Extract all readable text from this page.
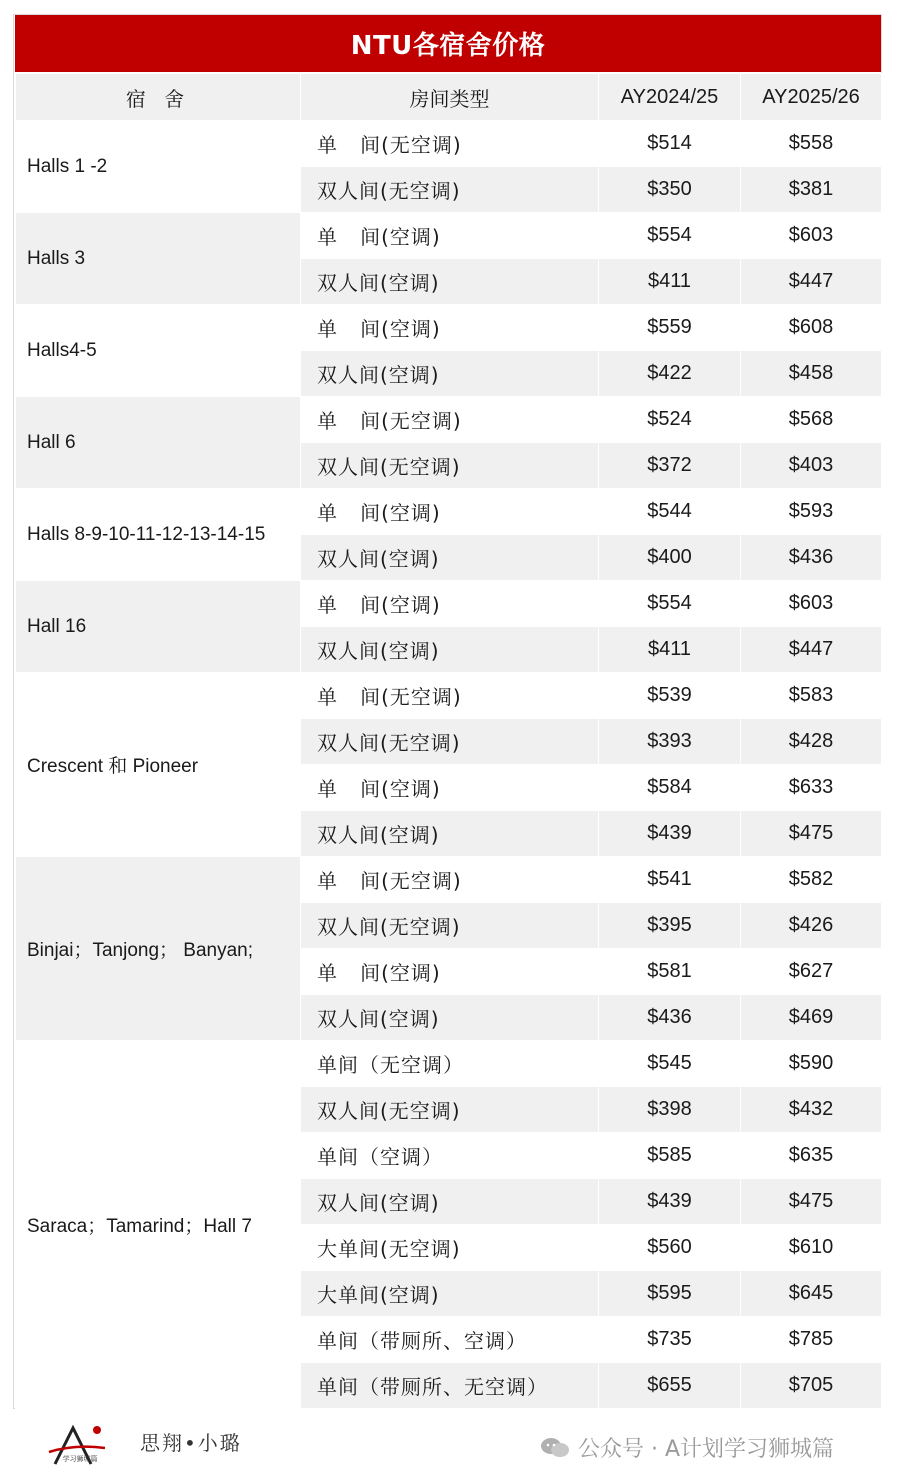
NTU各宿舍价格
宿 舍	房间类型	AY2024/25	AY2025/26
Halls 1 -2	单   间(无空调)	$514	$558
	双人间(无空调)	$350	$381
Halls 3	单   间(空调)	$554	$603
	双人间(空调)	$411	$447
Halls4-5	单   间(空调)	$559	$608
	双人间(空调)	$422	$458
Hall 6	单   间(无空调)	$524	$568
	双人间(无空调)	$372	$403
Halls 8-9-10-11-12-13-14-15	单   间(空调)	$544	$593
	双人间(空调)	$400	$436
Hall 16	单   间(空调)	$554	$603
	双人间(空调)	$411	$447
Crescent 和 Pioneer	单   间(无空调)	$539	$583
	双人间(无空调)	$393	$428
	单   间(空调)	$584	$633
	双人间(空调)	$439	$475
Binjai；Tanjong； Banyan;	单   间(无空调)	$541	$582
	双人间(无空调)	$395	$426
	单   间(空调)	$581	$627
	双人间(空调)	$436	$469
Saraca；Tamarind；Hall 7	单间（无空调）	$545	$590
	双人间(无空调)	$398	$432
	单间（空调）	$585	$635
	双人间(空调)	$439	$475
	大单间(无空调)	$560	$610
	大单间(空调)	$595	$645
	单间（带厕所、空调）	$735	$785
	单间（带厕所、无空调）	$655	$705
学习狮城篇
思翔•小璐	公众号 · A计划学习狮城篇
